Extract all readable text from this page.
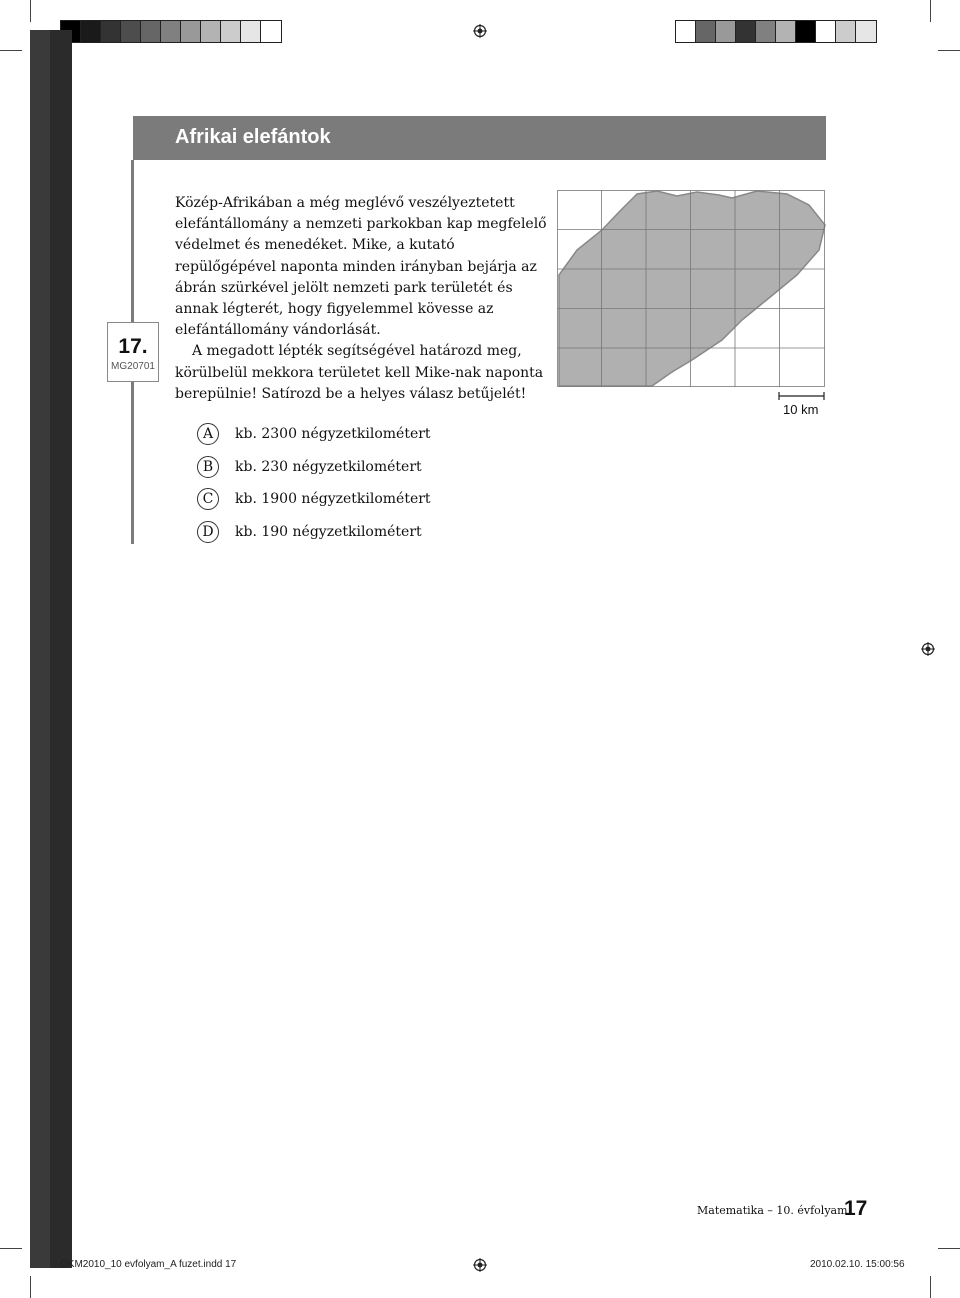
Afrikai elefántok
17.
MG20701

Közép-Afrikában a még meglévő veszélyeztetett elefántállomány a nemzeti parkokban kap megfelelő védelmet és menedéket. Mike, a kutató repülőgépével naponta minden irányban bejárja az ábrán szürkével jelölt nemzeti park területét és annak légterét, hogy figyelemmel kövesse az elefántállomány vándorlását.

A megadott lépték segítségével határozd meg, körülbelül mekkora területet kell Mike-nak naponta berepülnie! Satírozd be a helyes válasz betűjelét!

A	kb. 2300 négyzetkilométert
B	kb. 230 négyzetkilométert
C	kb. 1900 négyzetkilométert
D	kb. 190 négyzetkilométert
10 km
Matematika – 10. évfolyam
17
OKM2010_10 evfolyam_A fuzet.indd 17	2010.02.10. 15:00:56
